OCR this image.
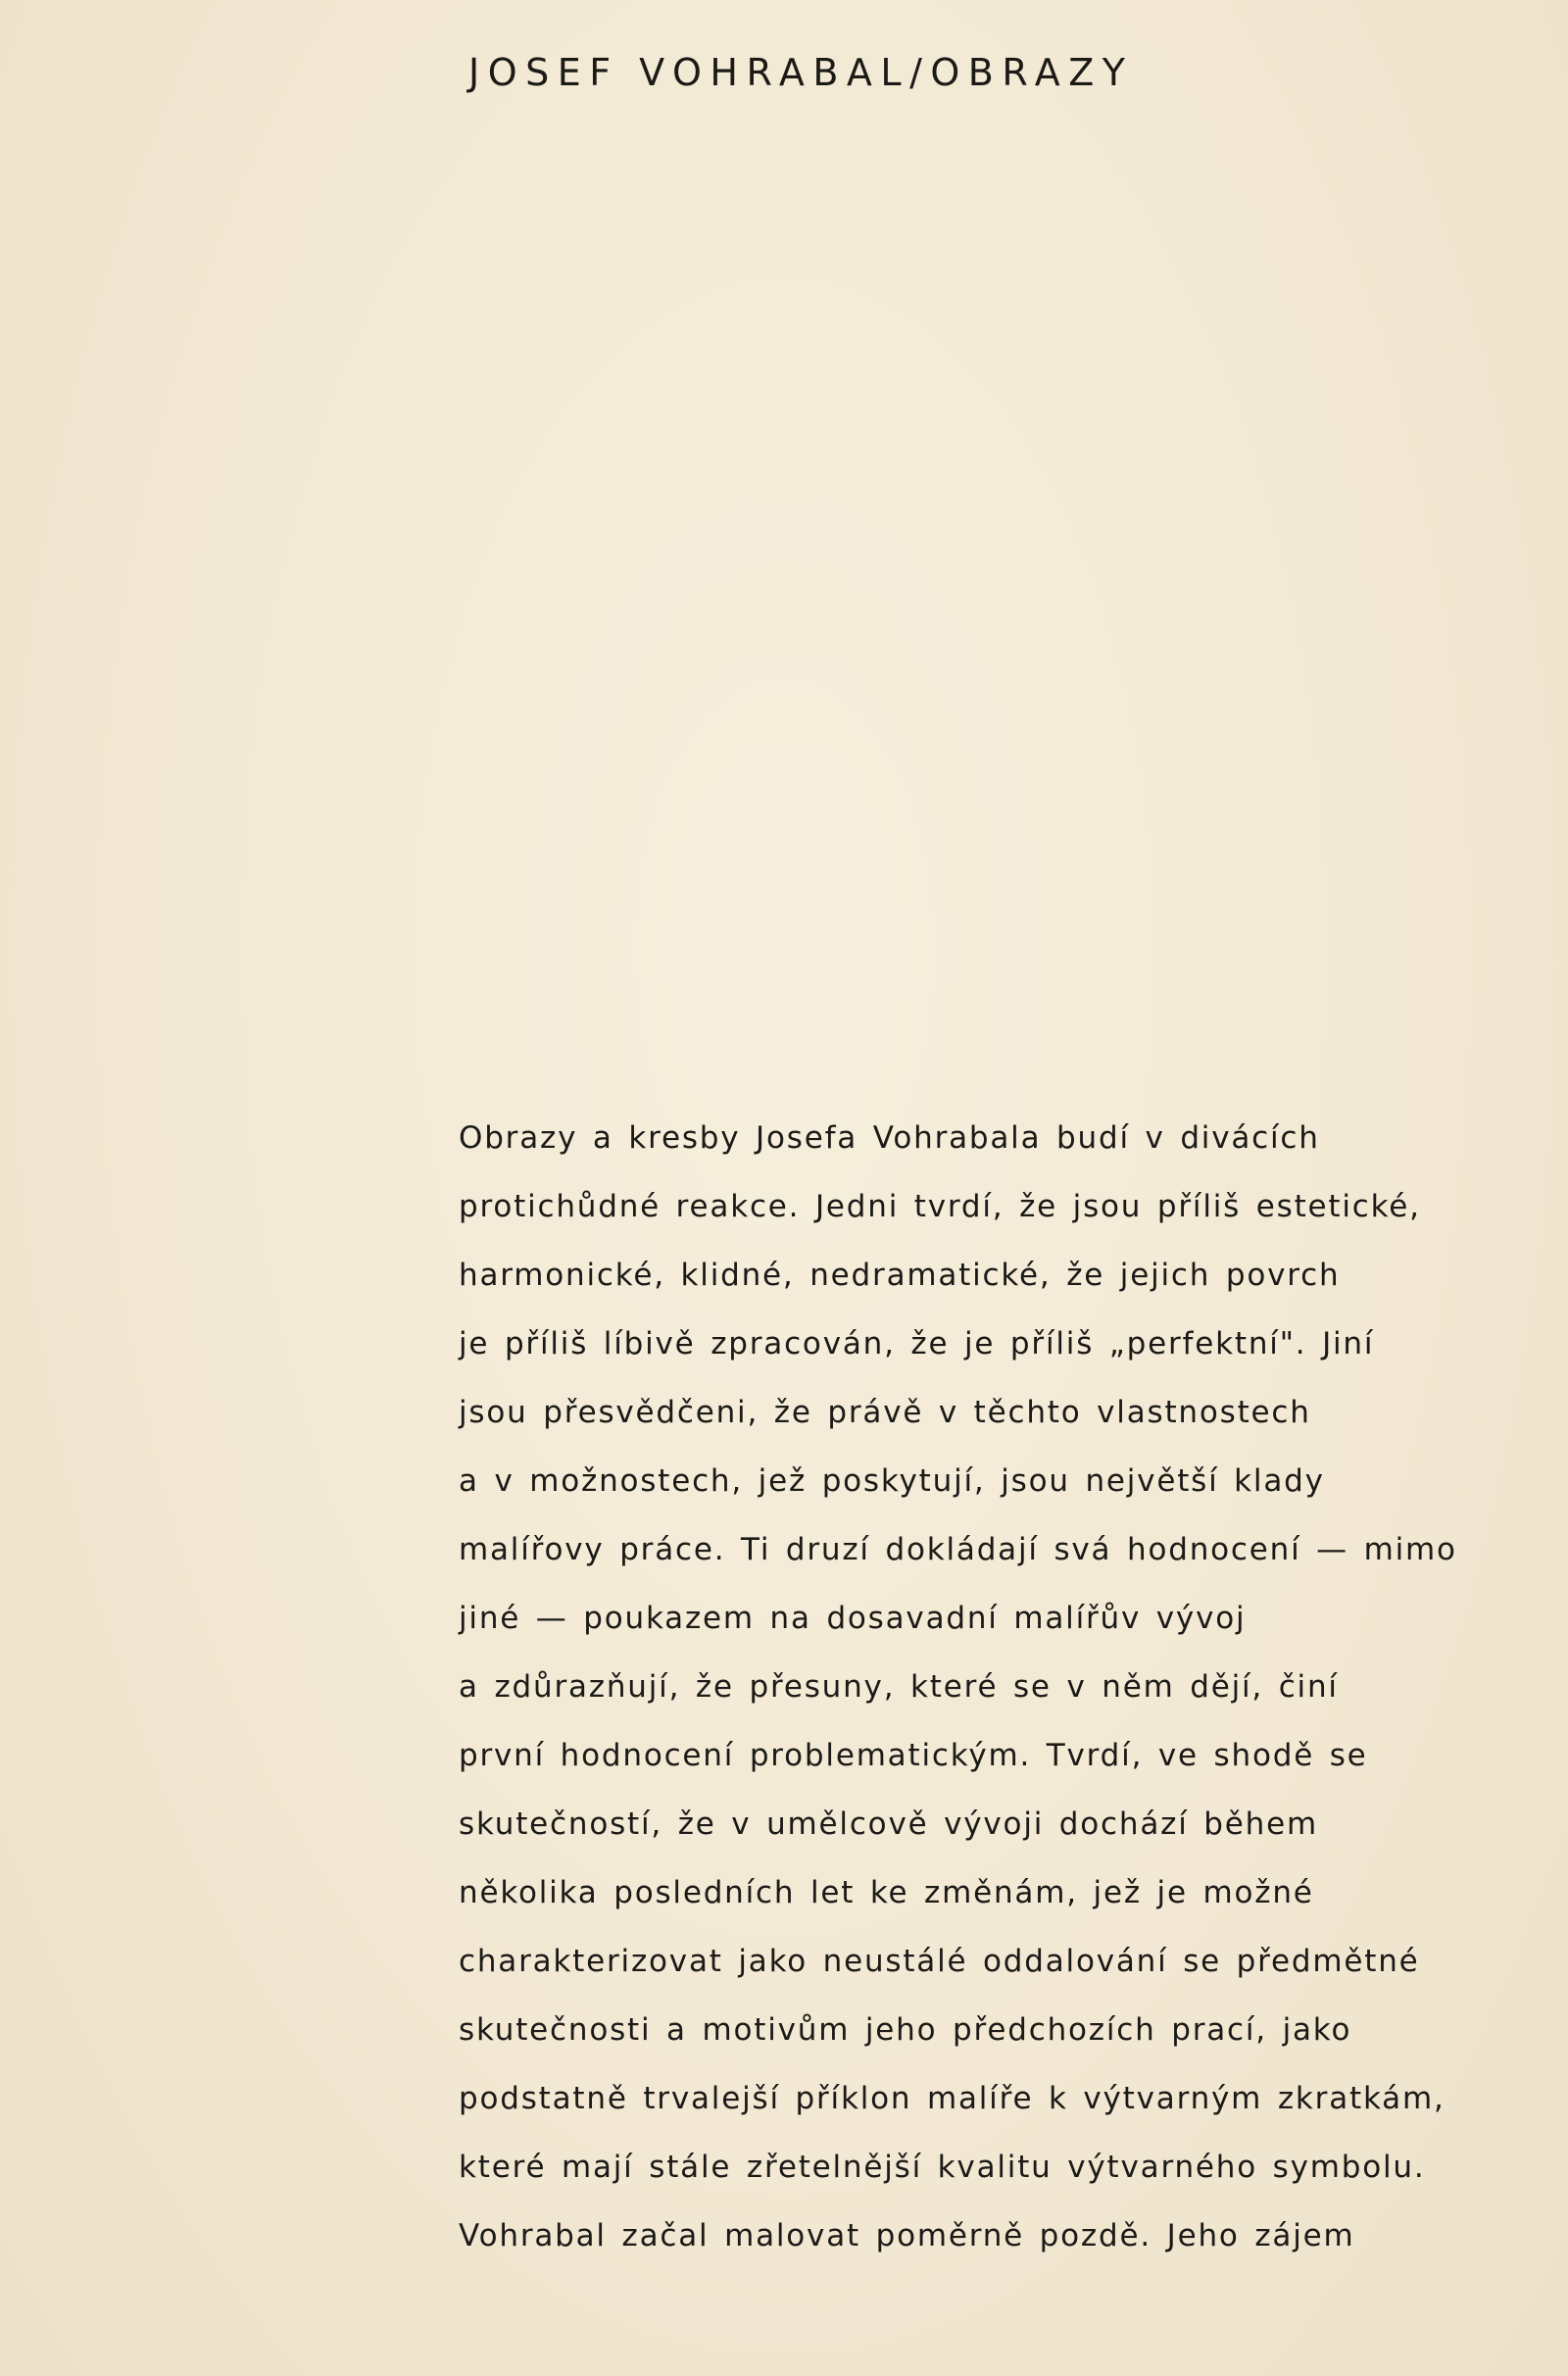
JOSEF VOHRABAL/OBRAZY
Obrazy a kresby Josefa Vohrabala budí v divácích
protichůdné reakce. Jedni tvrdí, že jsou příliš estetické,
harmonické, klidné, nedramatické, že jejich povrch
je příliš líbivě zpracován, že je příliš „perfektní". Jiní
jsou přesvědčeni, že právě v těchto vlastnostech
a v možnostech, jež poskytují, jsou největší klady
malířovy práce. Ti druzí dokládají svá hodnocení — mimo
jiné — poukazem na dosavadní malířův vývoj
a zdůrazňují, že přesuny, které se v něm dějí, činí
první hodnocení problematickým. Tvrdí, ve shodě se
skutečností, že v umělcově vývoji dochází během
několika posledních let ke změnám, jež je možné
charakterizovat jako neustálé oddalování se předmětné
skutečnosti a motivům jeho předchozích prací, jako
podstatně trvalejší příklon malíře k výtvarným zkratkám,
které mají stále zřetelnější kvalitu výtvarného symbolu.
Vohrabal začal malovat poměrně pozdě. Jeho zájem
